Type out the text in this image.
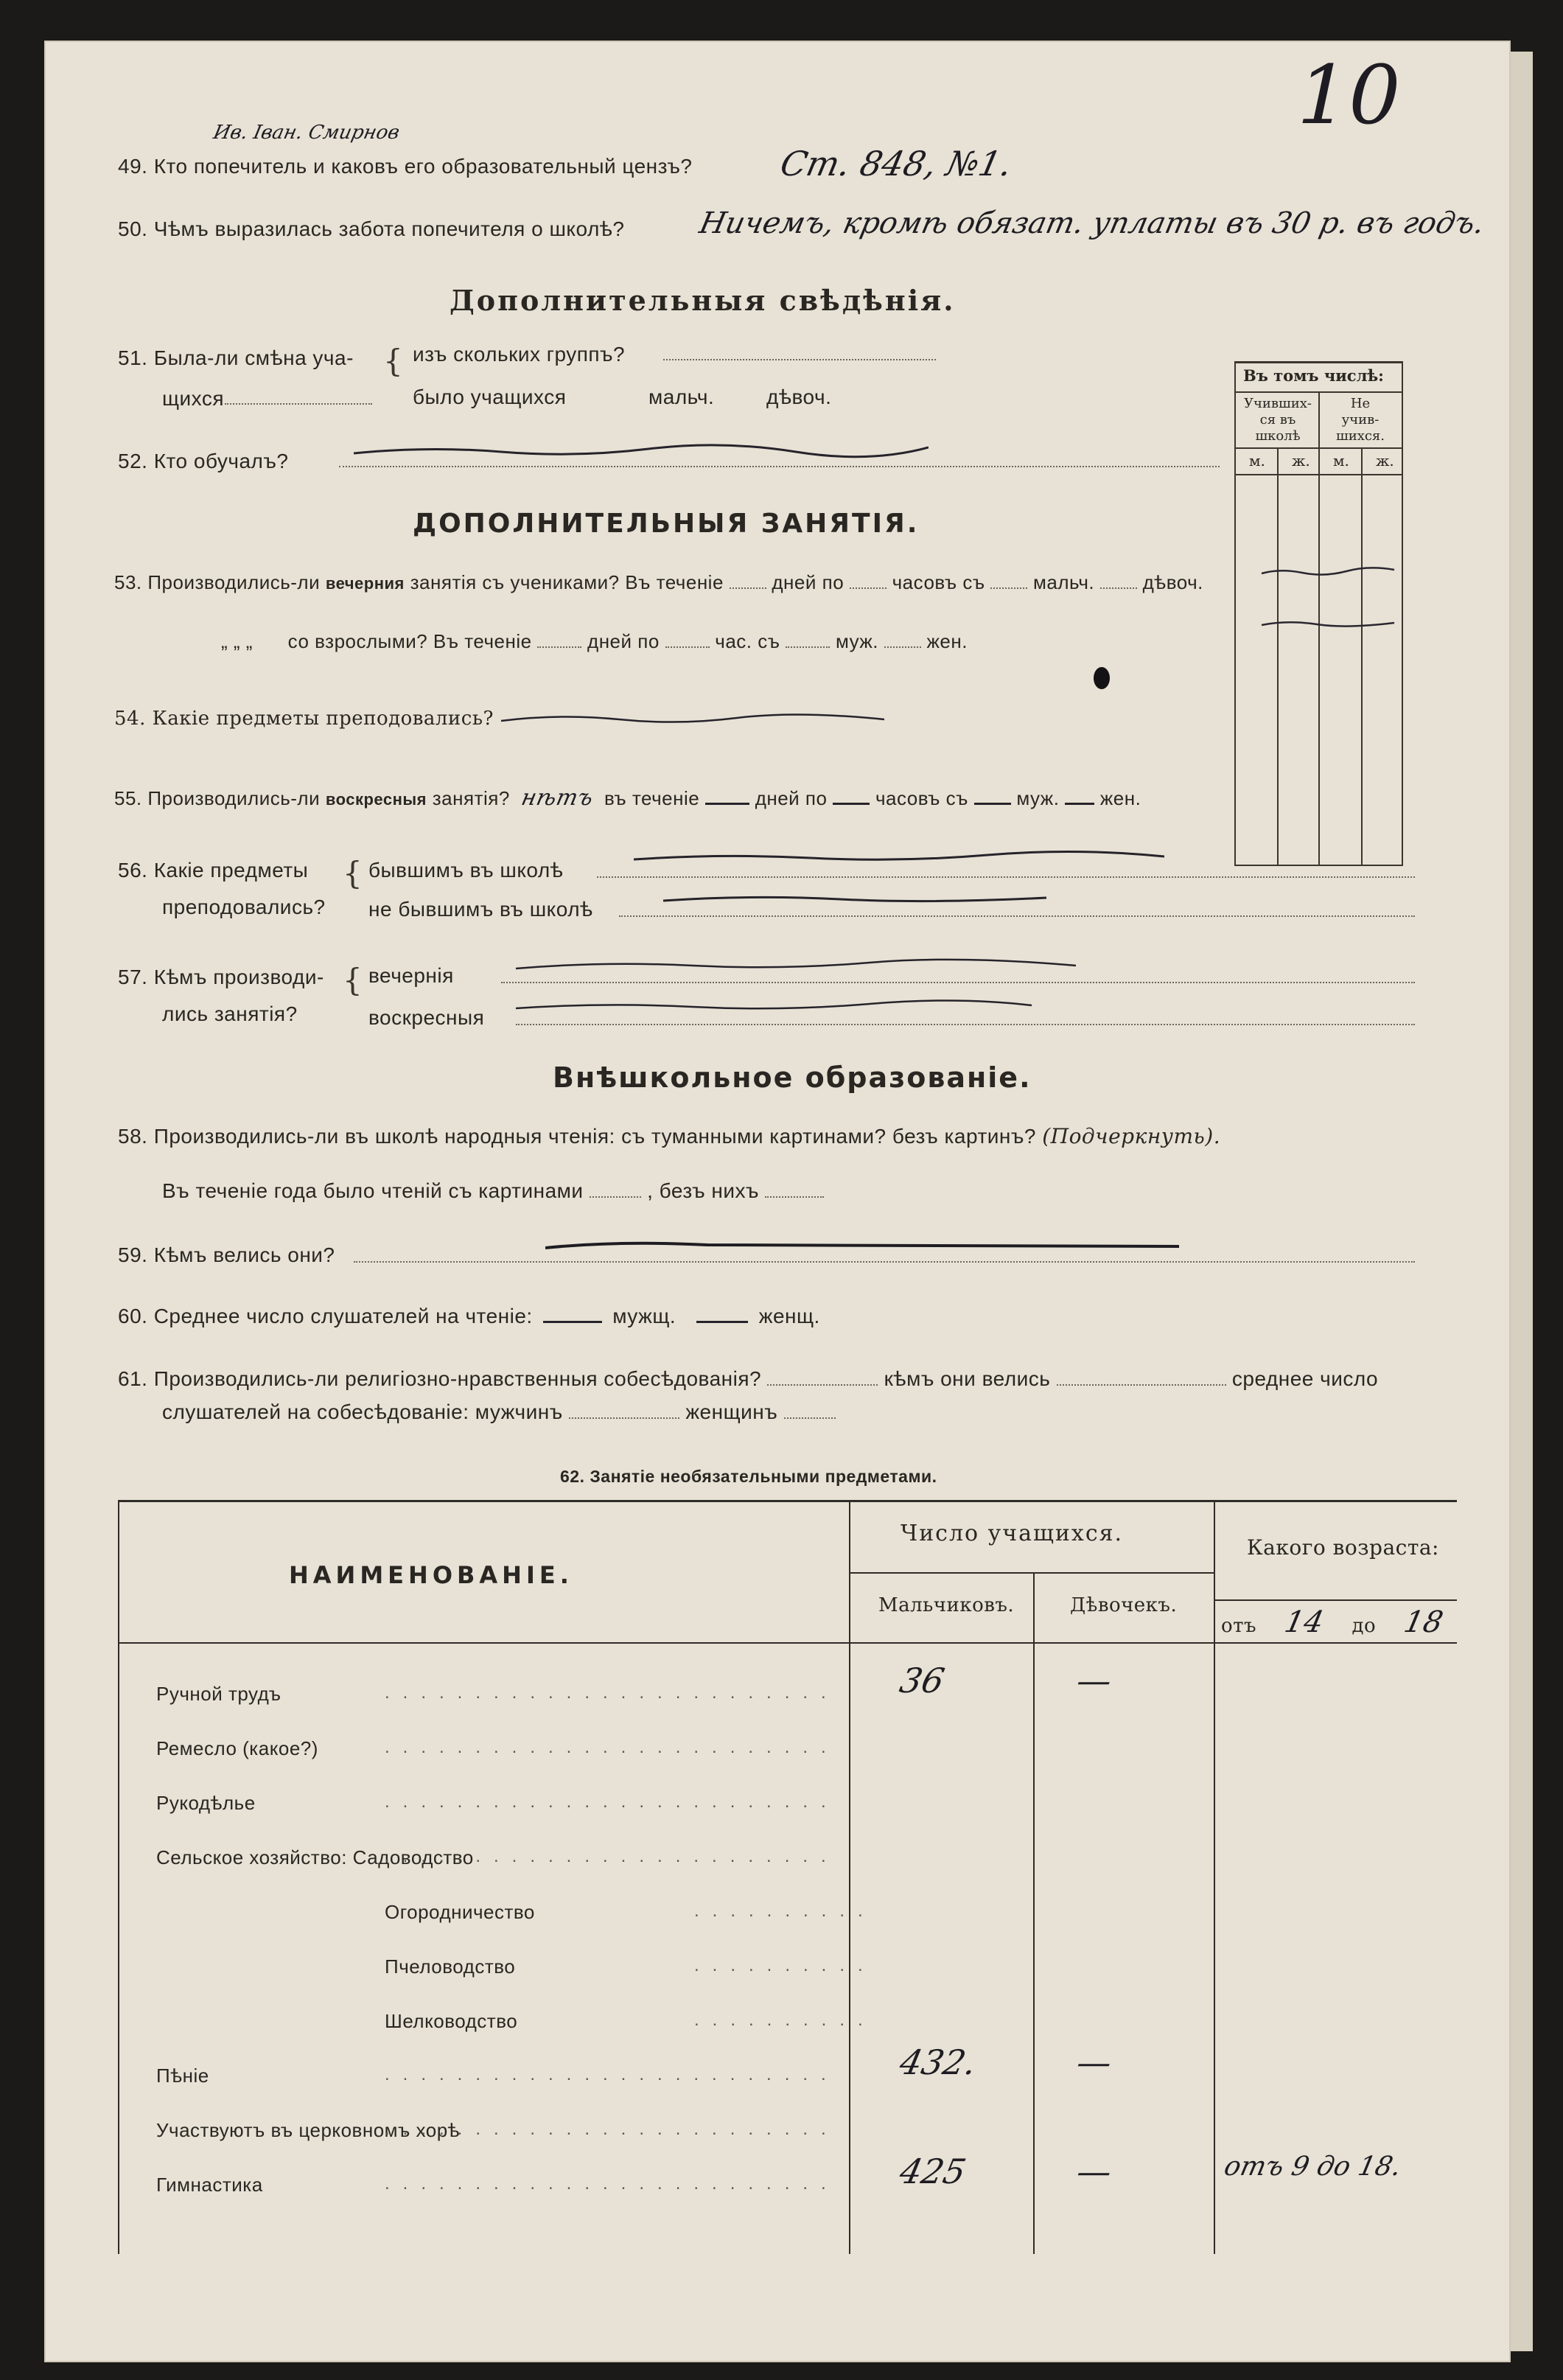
10
Ив. Іван. Смирнов
49. Кто попечитель и каковъ его образовательный цензъ? Ст. 848, №1.
50. Чѣмъ выразилась забота попечителя о школѣ? Ничемъ, кромѣ обязат. уплаты въ 30 р. въ годъ.
Дополнительныя свѣдѣнія.
51. Была-ли смѣна уча-
щихся
{ изъ скольких группъ?
было учащихся	мальч.	дѣвоч.
Въ томъ числѣ:
Учивших-
ся въ
школѣ
Не
учив-
шихся.
м. ж. м. ж.
52. Кто обучалъ?
ДОПОЛНИТЕЛЬНЫЯ ЗАНЯТІЯ.
53. Производились-ли вечерния занятія съ учениками? Въ теченіе	дней по	часовъ съ	мальч.	дѣвоч.
„ „ „ со взрослыми? Въ теченіе	дней по	час. съ	муж.	жен.
54. Какіе предметы преподовались?
55. Производились-ли воскресныя занятія? нѣтъ въ теченіе	дней по	часовъ съ	муж. жен.
56. Какіе предметы
преподовались?
{ бывшимъ въ школѣ
не бывшимъ въ школѣ
57. Кѣмъ производи-
лись занятія?
{ вечернія
воскресныя
Внѣшкольное образованіе.
58. Производились-ли въ школѣ народныя чтенія: съ туманными картинами? безъ картинъ? (Подчеркнуть).
Въ теченіе года было чтеній съ картинами	, безъ нихъ
59. Кѣмъ велись они?
60. Среднее число слушателей на чтеніе:	мужщ.	женщ.
61. Производились-ли религіозно-нравственныя собесѣдованія?	кѣмъ они велись	среднее число
слушателей на собесѣдованіе: мужчинъ	женщинъ
62. Занятіе необязательными предметами.
НАИМЕНОВАНІЕ.
Число учащихся.
Мальчиковъ.	Дѣвочекъ.
Какого возраста:
отъ 14 до 18
Ручной трудъ	......................... 36	—
Ремесло (какое?)	.........................
Рукодѣлье	.........................
Сельское хозяйство: Садоводство
.........................
Огородничество	..........
Пчеловодство	..........
Шелководство	..........
Пѣніе	......................... 432.	—
Участвуютъ въ церковномъ хорѣ
.........................
Гимнастика	......................... 425	—	отъ 9 до 18.
